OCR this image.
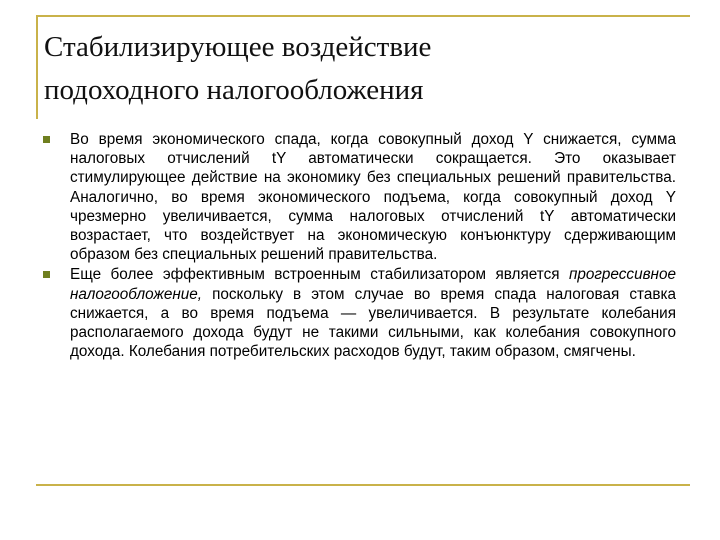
Стабилизирующее воздействие
подоходного налогообложения
Во время экономического спада, когда совокупный доход Y снижается, сумма налоговых отчислений tY автоматически сокращается. Это оказывает стимулирующее действие на экономику без специальных решений правительства. Аналогично, во время экономического подъема, когда совокупный доход Y чрезмерно увеличивается, сумма налоговых отчислений tY автоматически возрастает, что воздействует на экономическую конъюнктуру сдерживающим образом без специальных решений правительства.
Еще более эффективным встроенным стабилизатором является прогрессивное налогообложение, поскольку в этом случае во время спада налоговая ставка снижается, а во время подъема — увеличивается. В результате колебания располагаемого дохода будут не такими сильными, как колебания совокупного дохода. Колебания потребительских расходов будут, таким образом, смягчены.
